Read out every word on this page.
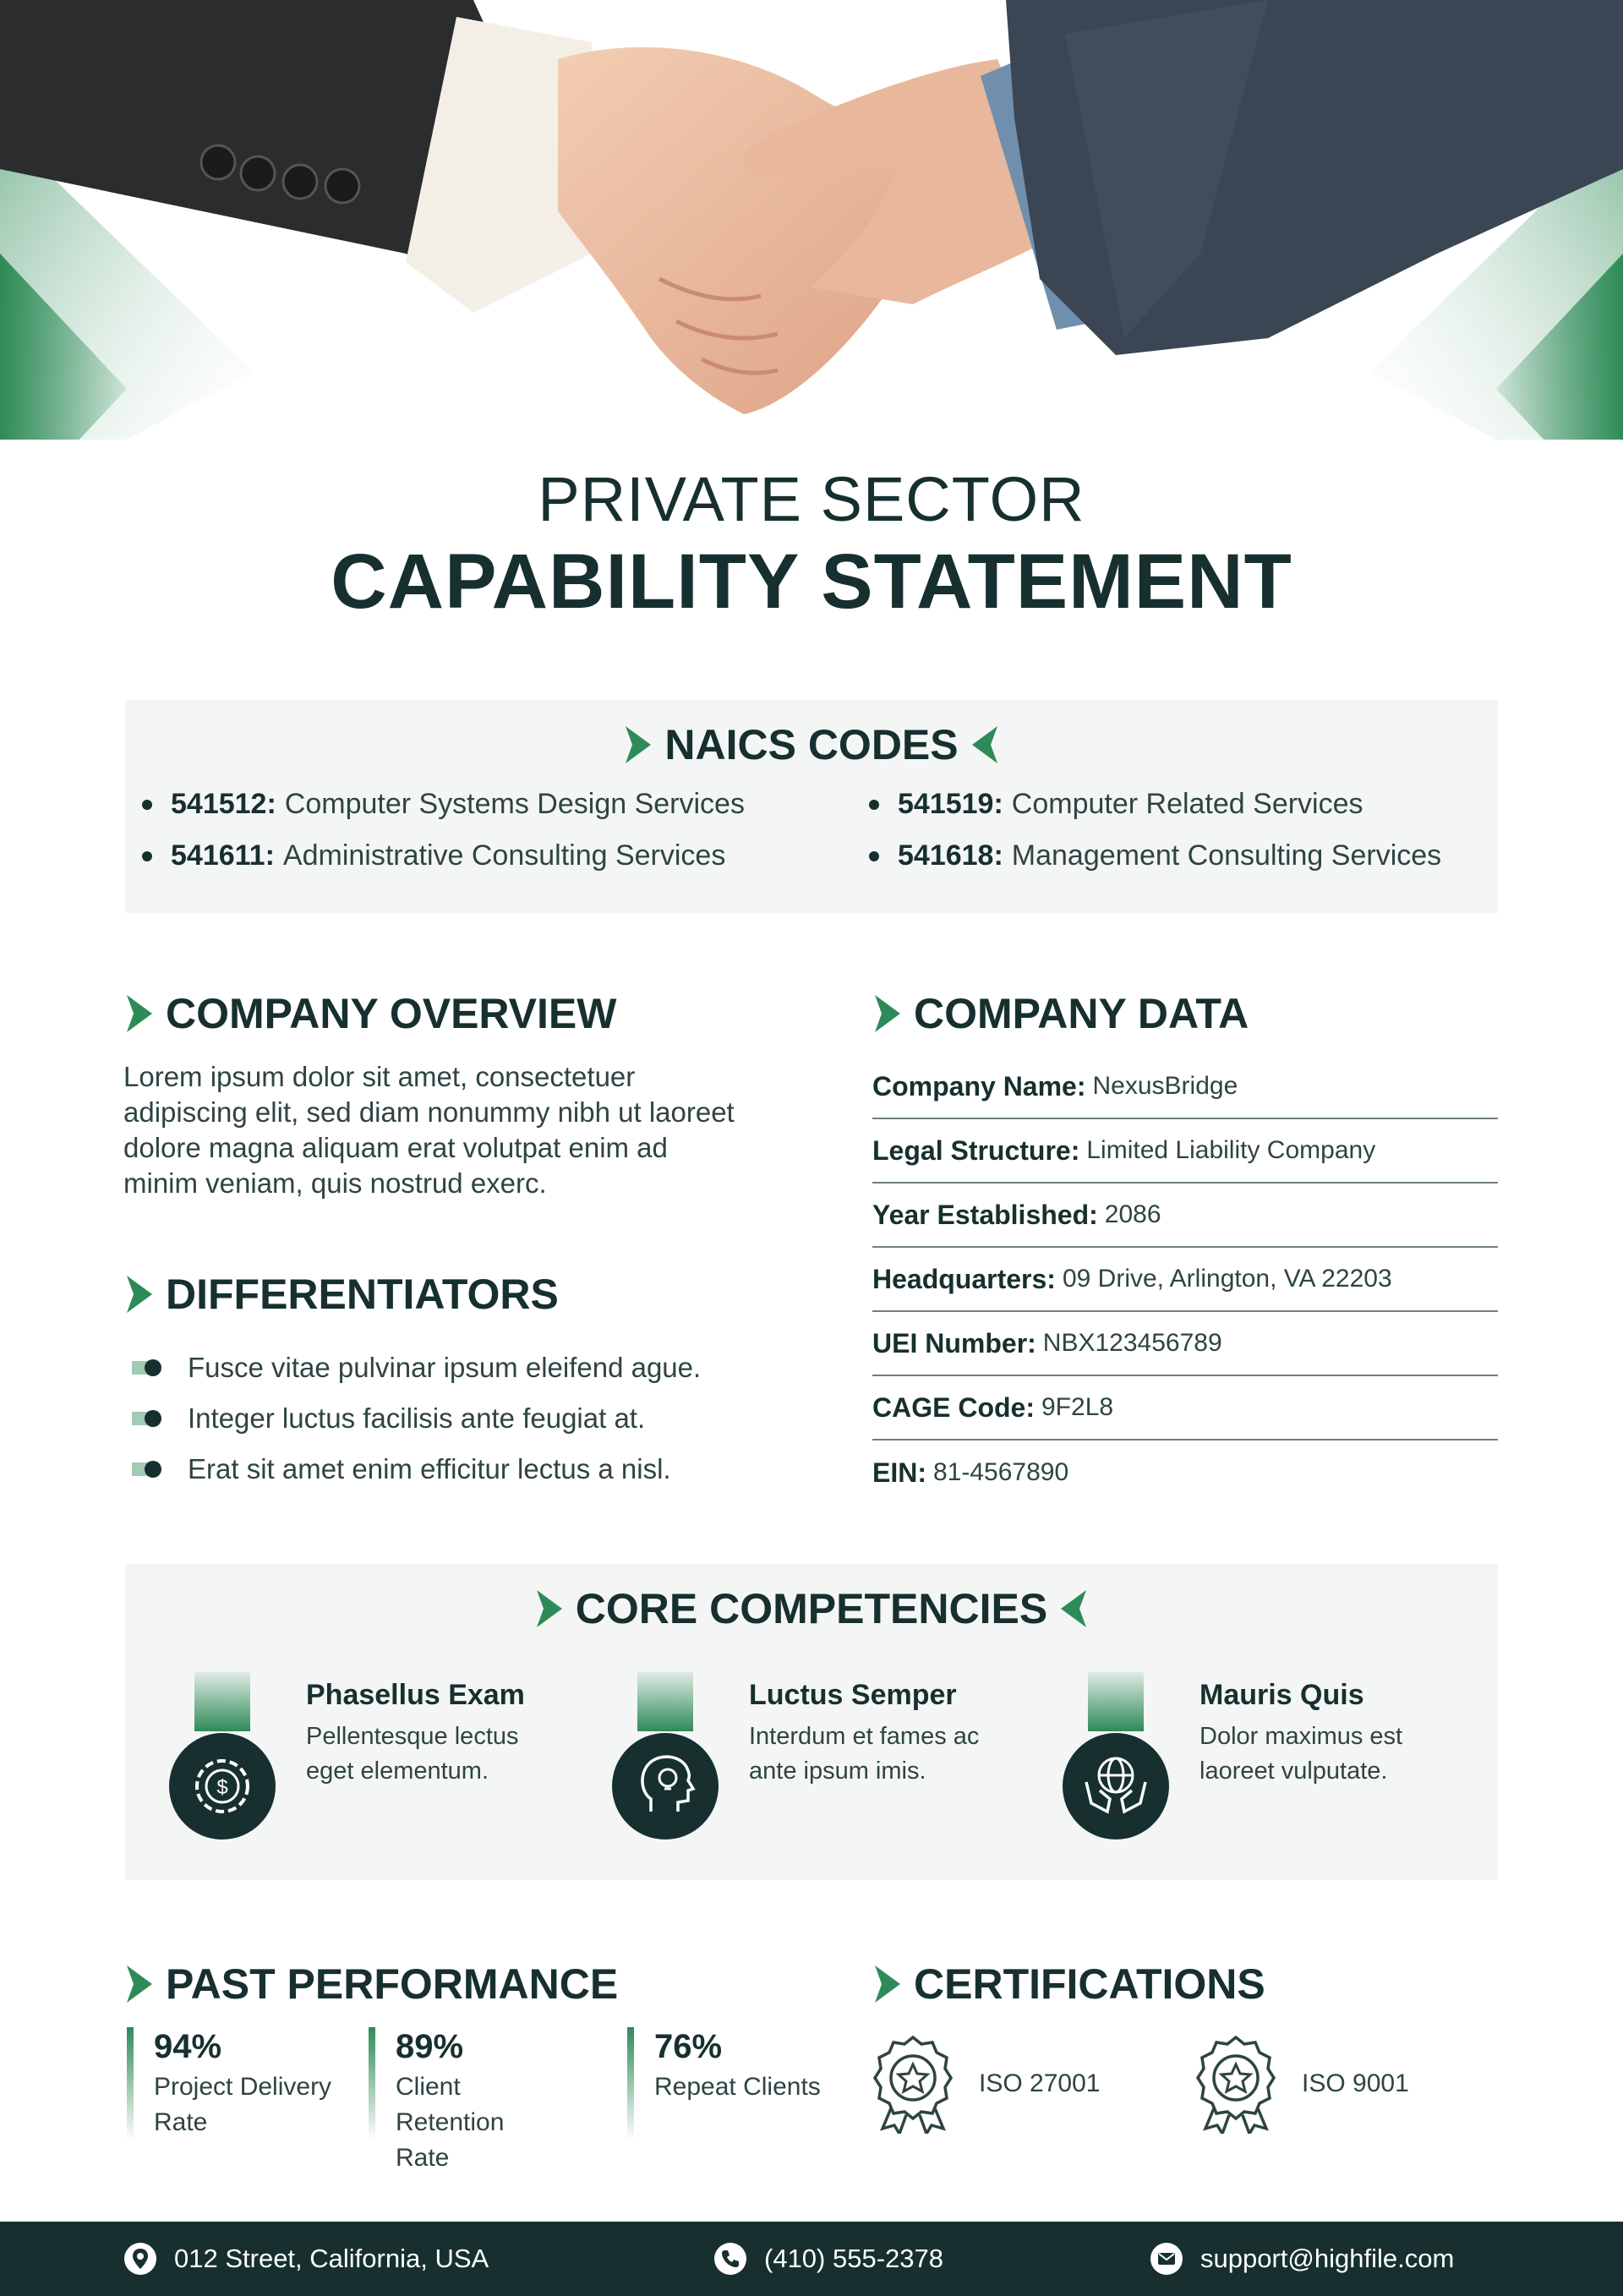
PRIVATE SECTOR
CAPABILITY STATEMENT
NAICS CODES
541512: Computer Systems Design Services	541519: Computer Related Services
541611: Administrative Consulting Services	541618: Management Consulting Services
COMPANY OVERVIEW
Lorem ipsum dolor sit amet, consectetuer adipiscing elit, sed diam nonummy nibh ut laoreet dolore magna aliquam erat volutpat enim ad minim veniam, quis nostrud exerc.
DIFFERENTIATORS
Fusce vitae pulvinar ipsum eleifend ague.
Integer luctus facilisis ante feugiat at.
Erat sit amet enim efficitur lectus a nisl.
COMPANY DATA
Company Name: NexusBridge
Legal Structure: Limited Liability Company
Year Established: 2086
Headquarters: 09 Drive, Arlington, VA 22203
UEI Number: NBX123456789
CAGE Code: 9F2L8
EIN: 81-4567890
CORE COMPETENCIES
$
Phasellus Exam
Pellentesque lectus eget elementum.
Luctus Semper
Interdum et fames ac ante ipsum imis.
Mauris Quis
Dolor maximus est laoreet vulputate.
PAST PERFORMANCE
94%
Project Delivery Rate
89%
Client Retention Rate
76%
Repeat Clients
CERTIFICATIONS
ISO 27001	ISO 9001
012 Street, California, USA	(410) 555-2378	support@highfile.com
